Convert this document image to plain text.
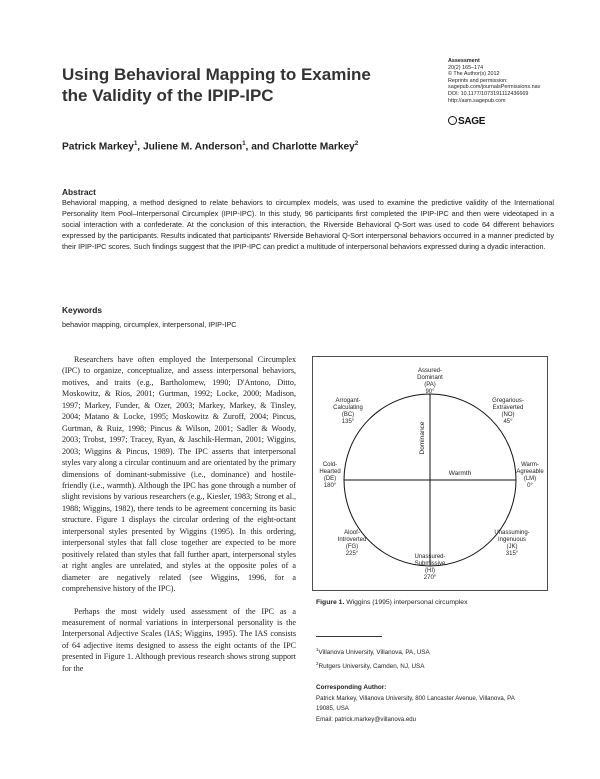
Using Behavioral Mapping to Examine
the Validity of the IPIP-IPC
Assessment
20(2) 165–174
© The Author(s) 2012
Reprints and permission:
sagepub.com/journalsPermissions.nav
DOI: 10.1177/1073191112436669
http://asm.sagepub.com
SAGE
Patrick Markey$^1$, Juliene M. Anderson$^1$, and Charlotte Markey$^2$
Abstract
Behavioral mapping, a method designed to relate behaviors to circumplex models, was used to examine the predictive validity of the International Personality Item Pool–Interpersonal Circumplex (IPIP-IPC). In this study, 96 participants first completed the IPIP-IPC and then were videotaped in a social interaction with a confederate. At the conclusion of this interaction, the Riverside Behavioral Q-Sort was used to code 64 different behaviors expressed by the participants. Results indicated that participants' Riverside Behavioral Q-Sort interpersonal behaviors occurred in a manner predicted by their IPIP-IPC scores. Such findings suggest that the IPIP-IPC can predict a multitude of interpersonal behaviors expressed during a dyadic interaction.
Keywords
behavior mapping, circumplex, interpersonal, IPIP-IPC

Researchers have often employed the Interpersonal Circumplex (IPC) to organize, conceptualize, and assess interpersonal behaviors, motives, and traits (e.g., Bartholomew, 1990; D'Antono, Ditto, Moskowitz, & Rios, 2001; Gurtman, 1992; Locke, 2000; Madison, 1997; Markey, Funder, & Ozer, 2003; Markey, Markey, & Tinsley, 2004; Matano & Locke, 1995; Moskowitz & Zuroff, 2004; Pincus, Gurtman, & Ruiz, 1998; Pincus & Wilson, 2001; Sadler & Woody, 2003; Trobst, 1997; Tracey, Ryan, & Jaschik-Herman, 2001; Wiggins, 2003; Wiggins & Pincus, 1989). The IPC asserts that interpersonal styles vary along a circular continuum and are orientated by the primary dimensions of dominant-submissive (i.e., dominance) and hostile-friendly (i.e., warmth). Although the IPC has gone through a number of slight revisions by various researchers (e.g., Kiesler, 1983; Strong et al., 1988; Wiggins, 1982), there tends to be agreement concerning its basic structure. Figure 1 displays the circular ordering of the eight-octant interpersonal styles presented by Wiggins (1995). In this ordering, interpersonal styles that fall close together are expected to be more positively related than styles that fall further apart, interpersonal styles at right angles are unrelated, and styles at the opposite poles of a diameter are negatively related (see Wiggins, 1996, for a comprehensive history of the IPC).

Perhaps the most widely used assessment of the IPC as a measurement of normal variations in interpersonal personality is the Interpersonal Adjective Scales (IAS; Wiggins, 1995). The IAS consists of 64 adjective items designed to assess the eight octants of the IPC presented in Figure 1. Although previous research shows strong support for the

Dominance
Warmth
Assured-
Dominant
(PA)
90°
Gregarious-
Extraverted
(NO)
45°
Warm-
Agreeable
(LM)
0°
Unassuming-
Ingenuous
(JK)
315°
Unassured-
Submissive
(HI)
270°
Aloof-
Introverted
(FG)
225°
Cold-
Hearted
(DE)
180°
Arrogant-
Calculating
(BC)
135°
Figure 1. Wiggins (1995) interpersonal circumplex
$^1$Villanova University, Villanova, PA, USA
$^2$Rutgers University, Camden, NJ, USA
Corresponding Author:
Patrick Markey, Villanova University, 800 Lancaster Avenue, Villanova, PA
19085, USA
Email: patrick.markey@villanova.edu
